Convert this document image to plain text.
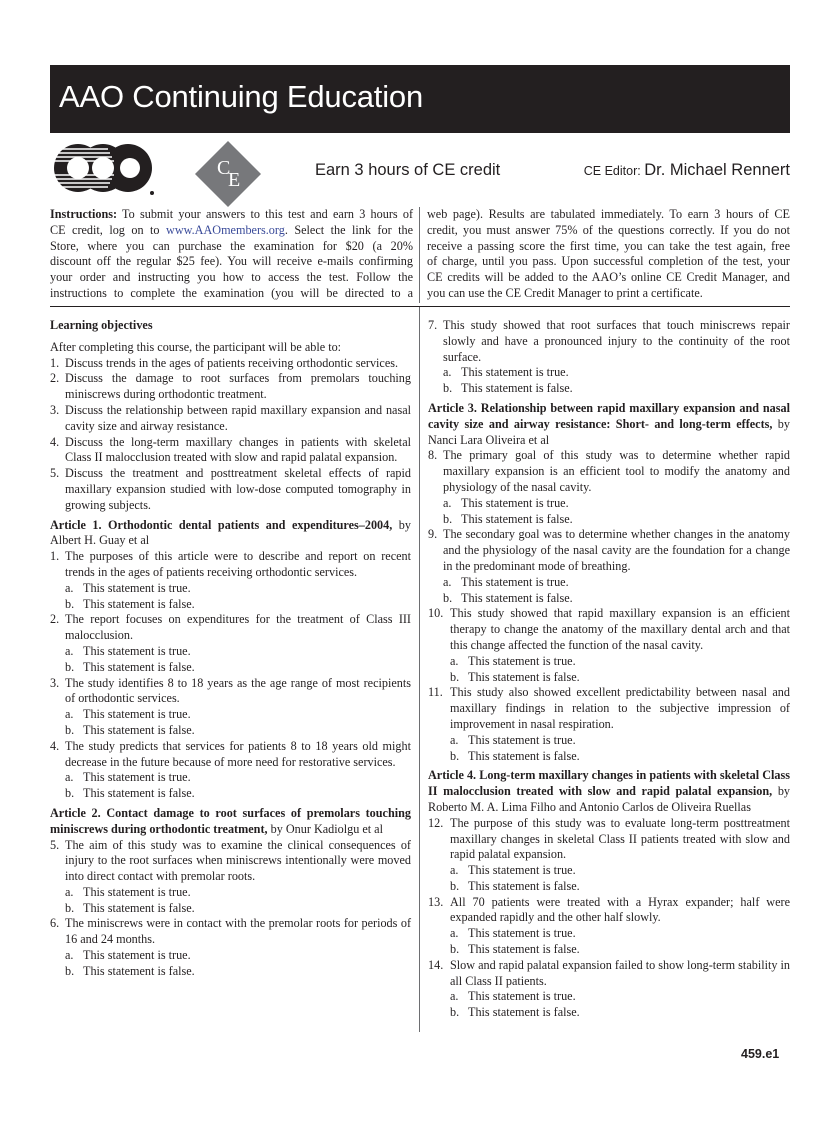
AAO Continuing Education
C
E	Earn 3 hours of CE credit	CE Editor: Dr. Michael Rennert
Instructions: To submit your answers to this test and earn 3 hours of
CE credit, log on to www.AAOmembers.org. Select the link for the
Store, where you can purchase the examination for $20 (a 20%
discount off the regular $25 fee). You will receive e-mails confirming
your order and instructing you how to access the test. Follow the
instructions to complete the examination (you will be directed to a
web page). Results are tabulated immediately. To earn 3 hours of CE
credit, you must answer 75% of the questions correctly. If you do not
receive a passing score the first time, you can take the test again, free
of charge, until you pass. Upon successful completion of the test, your
CE credits will be added to the AAO’s online CE Credit Manager, and
you can use the CE Credit Manager to print a certificate.
Learning objectives
After completing this course, the participant will be able to:
1. Discuss trends in the ages of patients receiving orthodontic services.
2. Discuss the damage to root surfaces from premolars touching miniscrews during orthodontic treatment.
3. Discuss the relationship between rapid maxillary expansion and nasal cavity size and airway resistance.
4. Discuss the long-term maxillary changes in patients with skeletal Class II malocclusion treated with slow and rapid palatal expansion.
5. Discuss the treatment and posttreatment skeletal effects of rapid maxillary expansion studied with low-dose computed tomography in growing subjects.
Article 1. Orthodontic dental patients and expenditures–2004, by Albert H. Guay et al
1. The purposes of this article were to describe and report on recent trends in the ages of patients receiving orthodontic services.
a. This statement is true.
b. This statement is false.
2. The report focuses on expenditures for the treatment of Class III malocclusion.
a. This statement is true.
b. This statement is false.
3. The study identifies 8 to 18 years as the age range of most recipients of orthodontic services.
a. This statement is true.
b. This statement is false.
4. The study predicts that services for patients 8 to 18 years old might decrease in the future because of more need for restorative services.
a. This statement is true.
b. This statement is false.
Article 2. Contact damage to root surfaces of premolars touching miniscrews during orthodontic treatment, by Onur Kadiolgu et al
5. The aim of this study was to examine the clinical consequences of injury to the root surfaces when miniscrews intentionally were moved into direct contact with premolar roots.
a. This statement is true.
b. This statement is false.
6. The miniscrews were in contact with the premolar roots for periods of 16 and 24 months.
a. This statement is true.
b. This statement is false.
7. This study showed that root surfaces that touch miniscrews repair slowly and have a pronounced injury to the continuity of the root surface.
a. This statement is true.
b. This statement is false.
Article 3. Relationship between rapid maxillary expansion and nasal cavity size and airway resistance: Short- and long-term effects, by Nanci Lara Oliveira et al
8. The primary goal of this study was to determine whether rapid maxillary expansion is an efficient tool to modify the anatomy and physiology of the nasal cavity.
a. This statement is true.
b. This statement is false.
9. The secondary goal was to determine whether changes in the anatomy and the physiology of the nasal cavity are the foundation for a change in the predominant mode of breathing.
a. This statement is true.
b. This statement is false.
10. This study showed that rapid maxillary expansion is an efficient therapy to change the anatomy of the maxillary dental arch and that this change affected the function of the nasal cavity.
a. This statement is true.
b. This statement is false.
11. This study also showed excellent predictability between nasal and maxillary findings in relation to the subjective impression of improvement in nasal respiration.
a. This statement is true.
b. This statement is false.
Article 4. Long-term maxillary changes in patients with skeletal Class II malocclusion treated with slow and rapid palatal expansion, by Roberto M. A. Lima Filho and Antonio Carlos de Oliveira Ruellas
12. The purpose of this study was to evaluate long-term posttreatment maxillary changes in skeletal Class II patients treated with slow and rapid palatal expansion.
a. This statement is true.
b. This statement is false.
13. All 70 patients were treated with a Hyrax expander; half were expanded rapidly and the other half slowly.
a. This statement is true.
b. This statement is false.
14. Slow and rapid palatal expansion failed to show long-term stability in all Class II patients.
a. This statement is true.
b. This statement is false.
459.e1
